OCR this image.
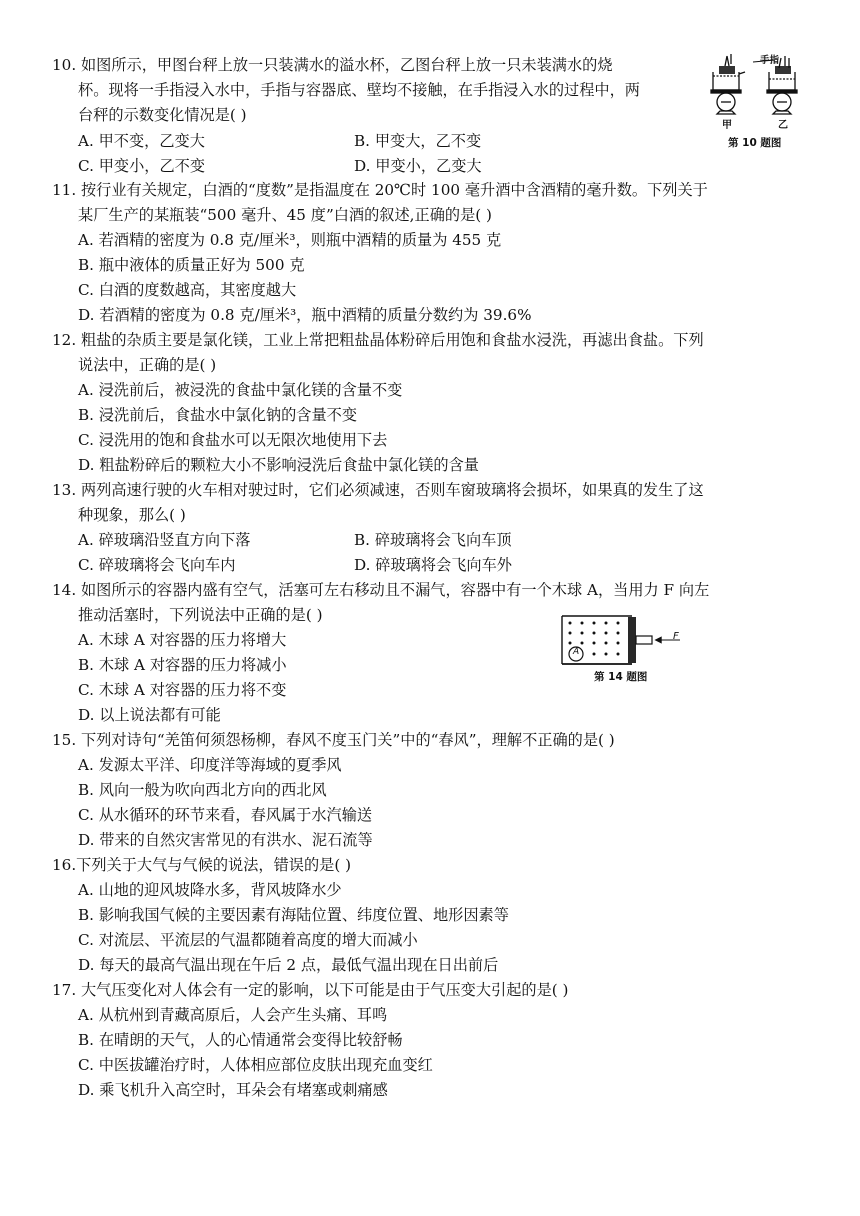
10. 如图所示，甲图台秤上放一只装满水的溢水杯，乙图台秤上放一只未装满水的烧
杯。现将一手指浸入水中，手指与容器底、壁均不接触，在手指浸入水的过程中，两
台秤的示数变化情况是( )
A. 甲不变，乙变大	B. 甲变大，乙不变
C. 甲变小，乙不变	D. 甲变小，乙变大
手指
甲	乙
第 10 题图
11. 按行业有关规定，白酒的“度数”是指温度在 20℃时 100 毫升酒中含酒精的毫升数。下列关于
某厂生产的某瓶装“500 毫升、45 度”白酒的叙述,正确的是( )
A. 若酒精的密度为 0.8 克/厘米³，则瓶中酒精的质量为 455 克
B. 瓶中液体的质量正好为 500 克
C. 白酒的度数越高，其密度越大
D. 若酒精的密度为 0.8 克/厘米³，瓶中酒精的质量分数约为 39.6%
12. 粗盐的杂质主要是氯化镁，工业上常把粗盐晶体粉碎后用饱和食盐水浸洗，再滤出食盐。下列
说法中，正确的是( )
A. 浸洗前后，被浸洗的食盐中氯化镁的含量不变
B. 浸洗前后，食盐水中氯化钠的含量不变
C. 浸洗用的饱和食盐水可以无限次地使用下去
D. 粗盐粉碎后的颗粒大小不影响浸洗后食盐中氯化镁的含量
13. 两列高速行驶的火车相对驶过时，它们必须减速，否则车窗玻璃将会损坏，如果真的发生了这
种现象，那么( )
A. 碎玻璃沿竖直方向下落	B. 碎玻璃将会飞向车顶
C. 碎玻璃将会飞向车内	D. 碎玻璃将会飞向车外
14. 如图所示的容器内盛有空气，活塞可左右移动且不漏气，容器中有一个木球 A，当用力 F 向左
推动活塞时，下列说法中正确的是( )
A. 木球 A 对容器的压力将增大
B. 木球 A 对容器的压力将减小
C. 木球 A 对容器的压力将不变
D. 以上说法都有可能
A
F
第 14 题图
15. 下列对诗句“羌笛何须怨杨柳，春风不度玉门关”中的“春风”，理解不正确的是( )
A. 发源太平洋、印度洋等海域的夏季风
B. 风向一般为吹向西北方向的西北风
C. 从水循环的环节来看，春风属于水汽输送
D. 带来的自然灾害常见的有洪水、泥石流等
16.下列关于大气与气候的说法，错误的是( )
A. 山地的迎风坡降水多，背风坡降水少
B. 影响我国气候的主要因素有海陆位置、纬度位置、地形因素等
C. 对流层、平流层的气温都随着高度的增大而减小
D. 每天的最高气温出现在午后 2 点，最低气温出现在日出前后
17. 大气压变化对人体会有一定的影响，以下可能是由于气压变大引起的是( )
A. 从杭州到青藏高原后，人会产生头痛、耳鸣
B. 在晴朗的天气，人的心情通常会变得比较舒畅
C. 中医拔罐治疗时，人体相应部位皮肤出现充血变红
D. 乘飞机升入高空时，耳朵会有堵塞或刺痛感
